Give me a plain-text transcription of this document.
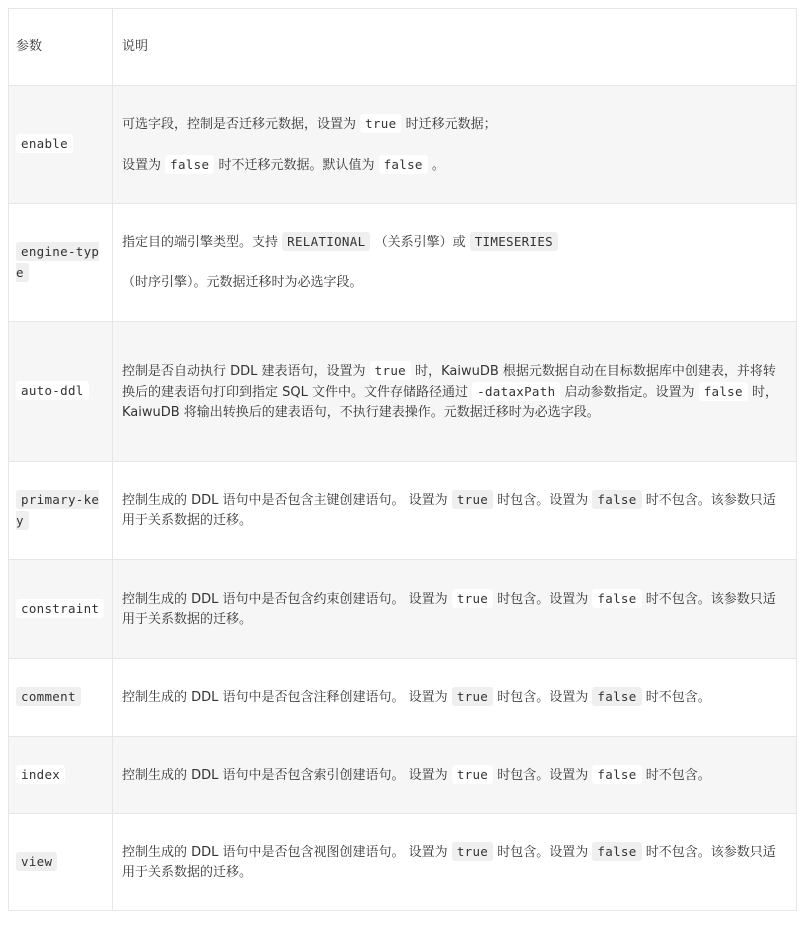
参数	说明
enable	可选字段，控制是否迁移元数据，设置为 true 时迁移元数据；

设置为 false 时不迁移元数据。默认值为 false 。

engine-type	指定目的端引擎类型。支持 RELATIONAL （关系引擎）或 TIMESERIES

（时序引擎）。元数据迁移时为必选字段。

auto-ddl	控制是否自动执行 DDL 建表语句，设置为 true 时，KaiwuDB 根据元数据自动在目标数据库中创建表，并将转换后的建表语句打印到指定 SQL 文件中。文件存储路径通过 -dataxPath 启动参数指定。设置为 false 时，KaiwuDB 将输出转换后的建表语句，不执行建表操作。元数据迁移时为必选字段。

primary-key	控制生成的 DDL 语句中是否包含主键创建语句。 设置为 true 时包含。设置为 false 时不包含。该参数只适用于关系数据的迁移。

constraint	控制生成的 DDL 语句中是否包含约束创建语句。 设置为 true 时包含。设置为 false 时不包含。该参数只适用于关系数据的迁移。

comment	控制生成的 DDL 语句中是否包含注释创建语句。 设置为 true 时包含。设置为 false 时不包含。

index	控制生成的 DDL 语句中是否包含索引创建语句。 设置为 true 时包含。设置为 false 时不包含。

view	控制生成的 DDL 语句中是否包含视图创建语句。 设置为 true 时包含。设置为 false 时不包含。该参数只适用于关系数据的迁移。
